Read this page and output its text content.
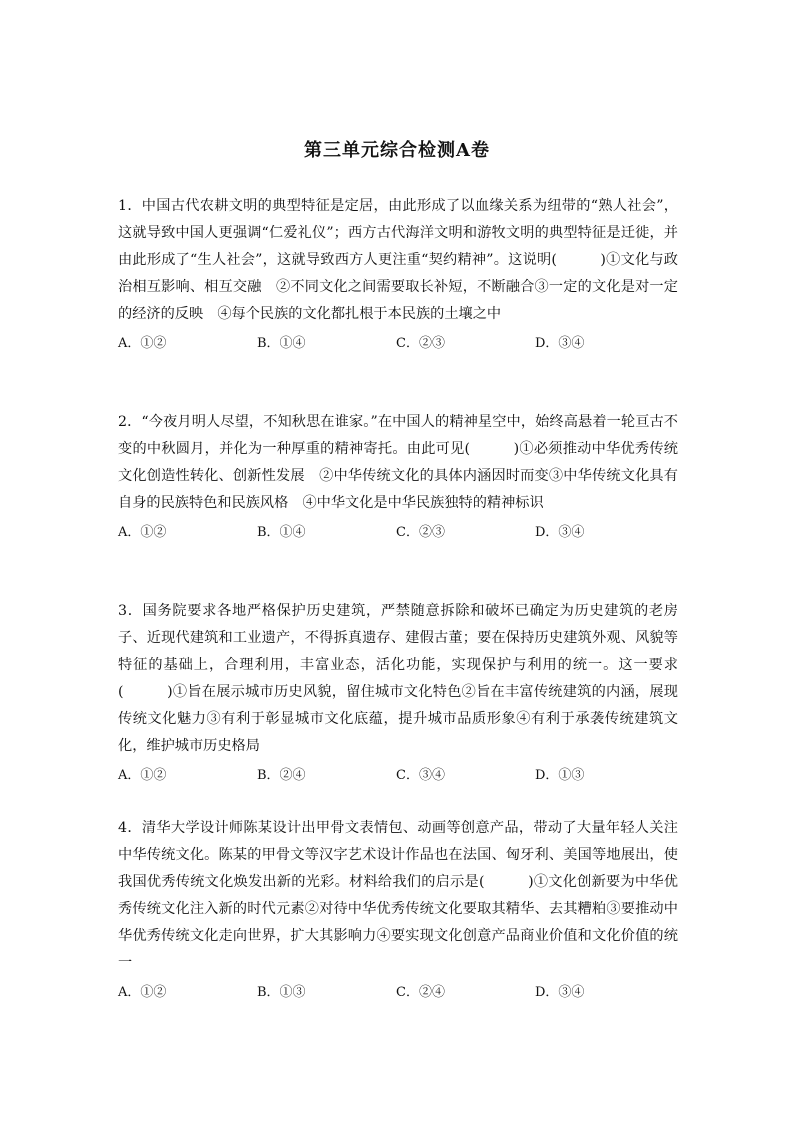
第三单元综合检测A卷

1．中国古代农耕文明的典型特征是定居，由此形成了以血缘关系为纽带的“熟人社会”，这就导致中国人更强调“仁爱礼仪”；西方古代海洋文明和游牧文明的典型特征是迁徙，并由此形成了“生人社会”，这就导致西方人更注重“契约精神”。这说明(　　　)①文化与政治相互影响、相互交融　②不同文化之间需要取长补短，不断融合③一定的文化是对一定的经济的反映　④每个民族的文化都扎根于本民族的土壤之中

A．①②	B．①④	C．②③	D．③④

2．“今夜月明人尽望，不知秋思在谁家。”在中国人的精神星空中，始终高悬着一轮亘古不变的中秋圆月，并化为一种厚重的精神寄托。由此可见(　　　)①必须推动中华优秀传统文化创造性转化、创新性发展　②中华传统文化的具体内涵因时而变③中华传统文化具有自身的民族特色和民族风格　④中华文化是中华民族独特的精神标识

A．①②	B．①④	C．②③	D．③④

3．国务院要求各地严格保护历史建筑，严禁随意拆除和破坏已确定为历史建筑的老房子、近现代建筑和工业遗产，不得拆真遗存、建假古董；要在保持历史建筑外观、风貌等特征的基础上，合理利用，丰富业态，活化功能，实现保护与利用的统一。这一要求(　　　)①旨在展示城市历史风貌，留住城市文化特色②旨在丰富传统建筑的内涵，展现传统文化魅力③有利于彰显城市文化底蕴，提升城市品质形象④有利于承袭传统建筑文化，维护城市历史格局

A．①②	B．②④	C．③④	D．①③

4．清华大学设计师陈某设计出甲骨文表情包、动画等创意产品，带动了大量年轻人关注中华传统文化。陈某的甲骨文等汉字艺术设计作品也在法国、匈牙利、美国等地展出，使我国优秀传统文化焕发出新的光彩。材料给我们的启示是(　　　)①文化创新要为中华优秀传统文化注入新的时代元素②对待中华优秀传统文化要取其精华、去其糟粕③要推动中华优秀传统文化走向世界，扩大其影响力④要实现文化创意产品商业价值和文化价值的统一

A．①②	B．①③	C．②④	D．③④
